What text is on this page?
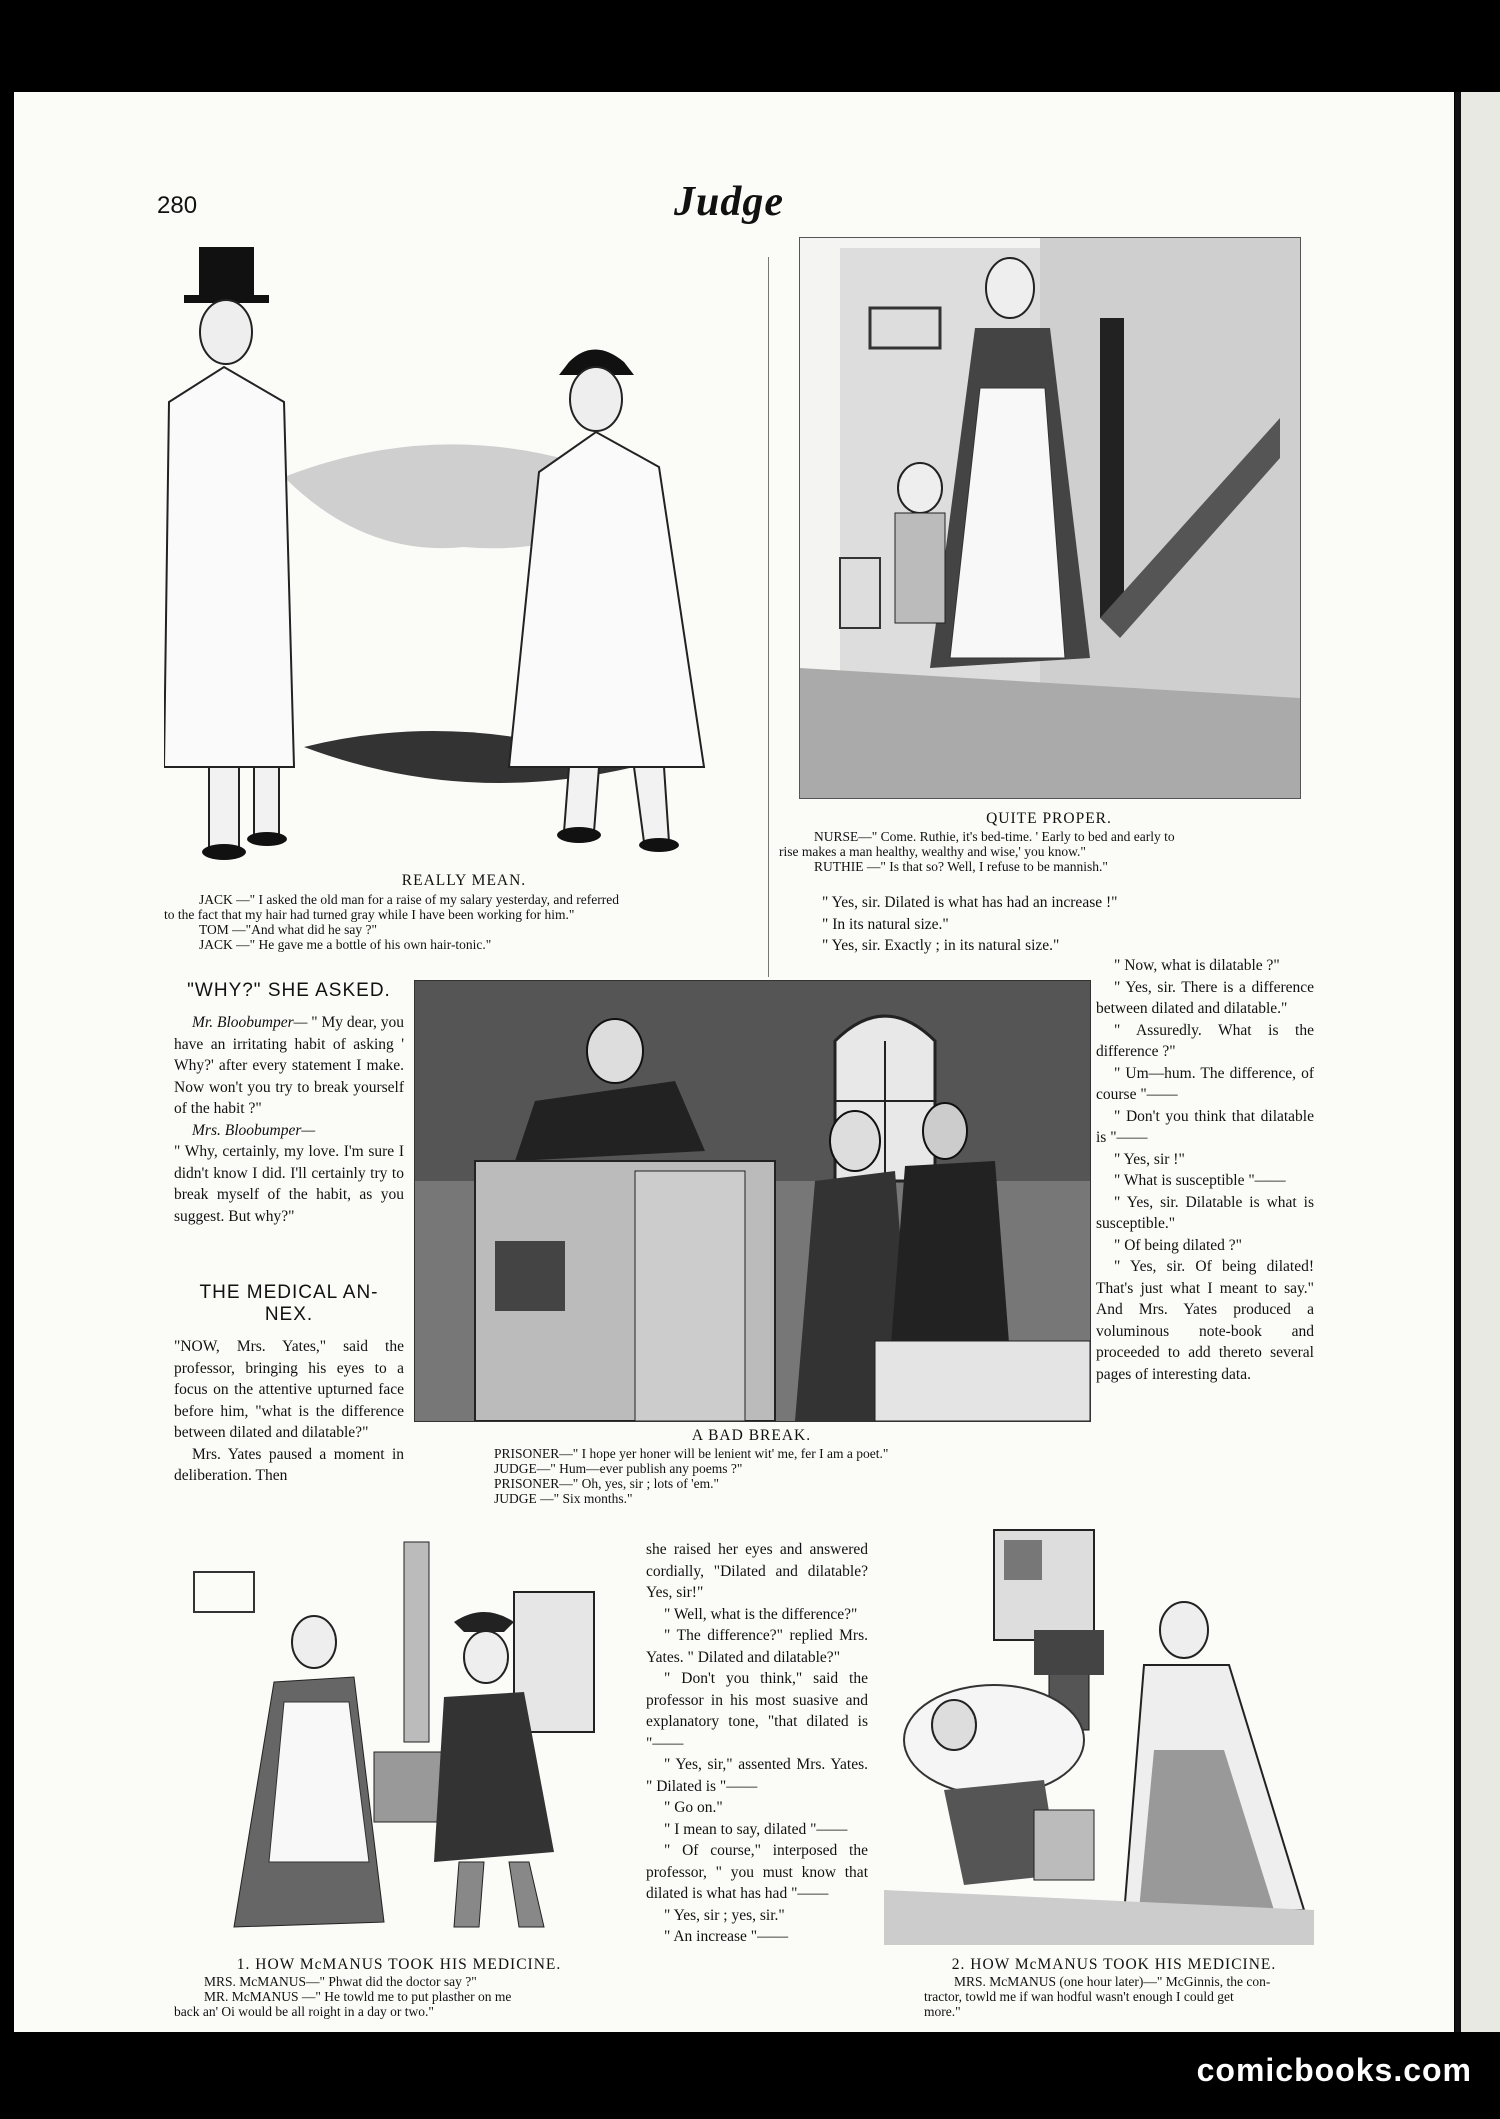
280	Judge
REALLY MEAN.

JACK —" I asked the old man for a raise of my salary yesterday, and referred

to the fact that my hair had turned gray while I have been working for him."

TOM —"And what did he say ?"

JACK —" He gave me a bottle of his own hair-tonic."

QUITE PROPER.

NURSE—" Come. Ruthie, it's bed-time. ' Early to bed and early to

rise makes a man healthy, wealthy and wise,' you know."

RUTHIE —" Is that so? Well, I refuse to be mannish."

" Yes, sir. Dilated is what has had an increase !"

" In its natural size."

" Yes, sir. Exactly ; in its natural size."

"WHY?" SHE ASKED.

Mr. Bloobumper— " My dear, you have an irritating habit of asking ' Why?' after every statement I make. Now won't you try to break yourself of the habit ?"

Mrs. Bloobumper—

" Why, certainly, my love. I'm sure I didn't know I did. I'll certainly try to break myself of the habit, as you suggest. But why?"

THE MEDICAL AN-NEX.

"NOW, Mrs. Yates," said the professor, bringing his eyes to a focus on the attentive upturned face before him, "what is the difference between dilated and dilatable?"

Mrs. Yates paused a moment in deliberation. Then

A BAD BREAK.

PRISONER—" I hope yer honer will be lenient wit' me, fer I am a poet."

JUDGE—" Hum—ever publish any poems ?"

PRISONER—" Oh, yes, sir ; lots of 'em."

JUDGE —" Six months."

" Now, what is dilatable ?"

" Yes, sir. There is a difference between dilated and dilatable."

" Assuredly. What is the difference ?"

" Um—hum. The difference, of course "——

" Don't you think that dilatable is "——

" Yes, sir !"

" What is susceptible "——

" Yes, sir. Dilatable is what is susceptible."

" Of being dilated ?"

" Yes, sir. Of being dilated! That's just what I meant to say." And Mrs. Yates produced a voluminous note-book and proceeded to add thereto several pages of interesting data.

1. HOW McMANUS TOOK HIS MEDICINE.

MRS. McMANUS—" Phwat did the doctor say ?"

MR. McMANUS —" He towld me to put plasther on me

back an' Oi would be all roight in a day or two."

she raised her eyes and answered cordially, "Dilated and dilatable? Yes, sir!"

" Well, what is the difference?"

" The difference?" replied Mrs. Yates. " Dilated and dilatable?"

" Don't you think," said the professor in his most suasive and explanatory tone, "that dilated is "——

" Yes, sir," assented Mrs. Yates. " Dilated is "——

" Go on."

" I mean to say, dilated "——

" Of course," interposed the professor, " you must know that dilated is what has had "——

" Yes, sir ; yes, sir."

" An increase "——

2. HOW McMANUS TOOK HIS MEDICINE.

MRS. McMANUS (one hour later)—" McGinnis, the con-

tractor, towld me if wan hodful wasn't enough I could get

more."

comicbooks.com
